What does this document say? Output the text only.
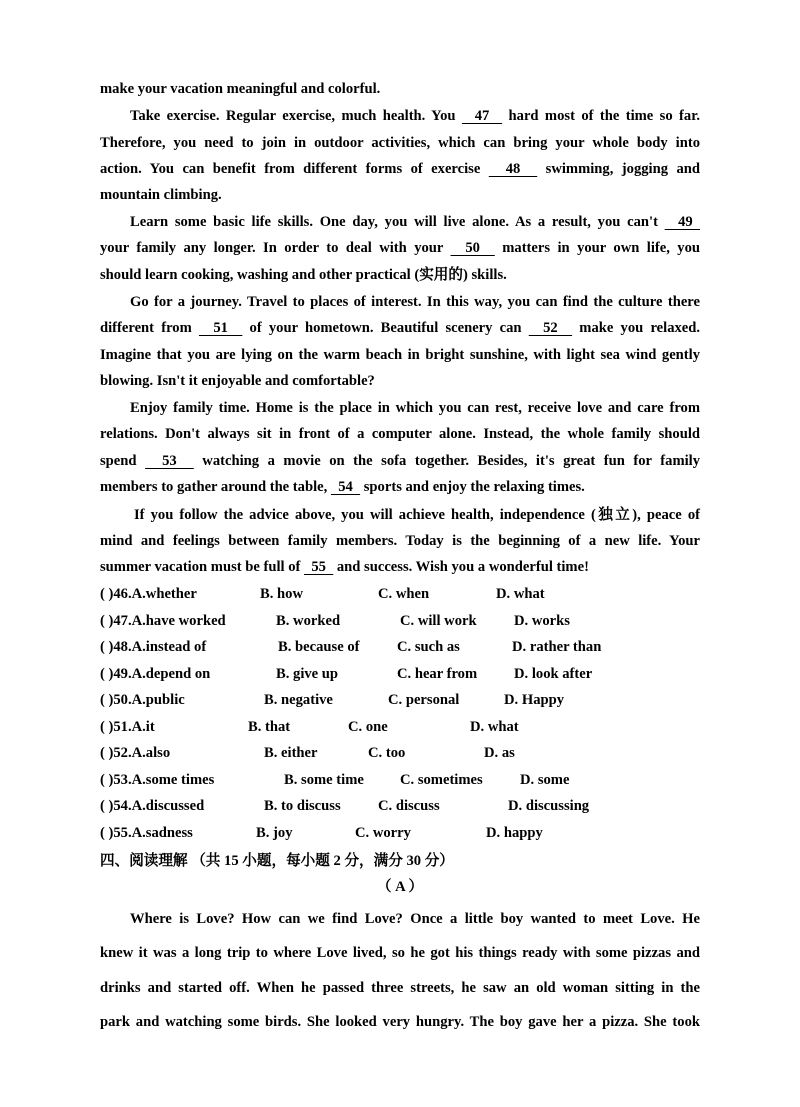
make your vacation meaningful and colorful.
Take exercise. Regular exercise, much health. You   47   hard most of the time so far.
Therefore, you need to join in outdoor activities, which can bring your whole body into
action. You can benefit from different forms of exercise   48   swimming, jogging and
mountain climbing.
Learn some basic life skills. One day, you will live alone. As a result, you can't   49
your family any longer. In order to deal with your   50   matters in your own life, you
should learn cooking, washing and other practical (实用的) skills.
Go for a journey. Travel to places of interest. In this way, you can find the culture there
different from   51   of your hometown. Beautiful scenery can   52   make you relaxed.
Imagine that you are lying on the warm beach in bright sunshine, with light sea wind gently
blowing. Isn't it enjoyable and comfortable?
Enjoy family time. Home is the place in which you can rest, receive love and care from
relations. Don't always sit in front of a computer alone. Instead, the whole family should
spend   53   watching a movie on the sofa together. Besides, it's great fun for family
members to gather around the table,   54   sports and enjoy the relaxing times.
If you follow the advice above, you will achieve health, independence (独立), peace of
mind and feelings between family members. Today is the beginning of a new life. Your
summer vacation must be full of   55   and success. Wish you a wonderful time!
( )46.A.whether	B. how	C. when	D. what
( )47.A.have worked	B. worked	C. will work	D. works
( )48.A.instead of	B. because of	C. such as	D. rather than
( )49.A.depend on	B. give up	C. hear from	D. look after
( )50.A.public	B. negative	C. personal	D. Happy
( )51.A.it	B. that	C. one	D. what
( )52.A.also	B. either	C. too	D. as
( )53.A.some times	B. some time C. sometimes	D. some
( )54.A.discussed	B. to discuss	C. discuss	D. discussing
( )55.A.sadness	B. joy	C. worry	D. happy
四、阅读理解 （共 15 小题，每小题 2 分，满分 30 分）
（ A ）
Where is Love? How can we find Love? Once a little boy wanted to meet Love. He
knew it was a long trip to where Love lived, so he got his things ready with some pizzas and
drinks and started off. When he passed three streets, he saw an old woman sitting in the
park and watching some birds. She looked very hungry. The boy gave her a pizza. She took
